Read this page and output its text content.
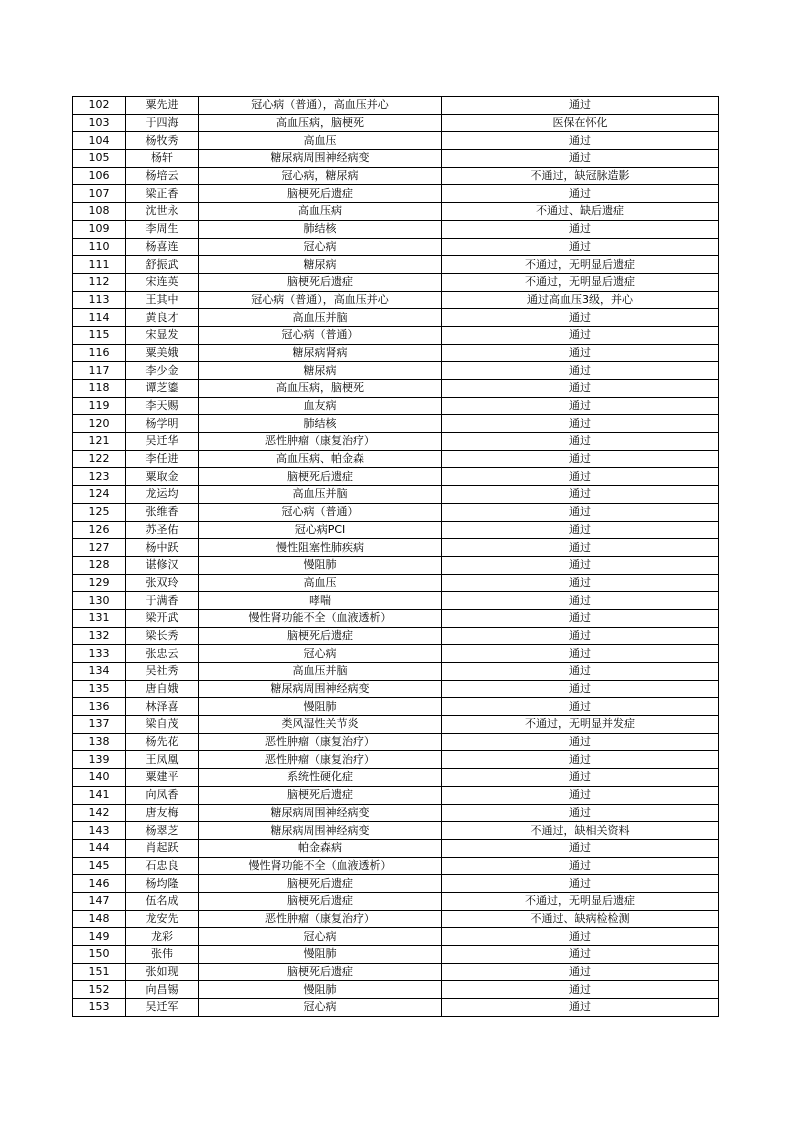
102	粟先进	冠心病（普通），高血压并心	通过
103	于四海	高血压病，脑梗死	医保在怀化
104	杨牧秀	高血压	通过
105	杨轩	糖尿病周围神经病变	通过
106	杨培云	冠心病，糖尿病	不通过，缺冠脉造影
107	梁正香	脑梗死后遗症	通过
108	沈世永	高血压病	不通过、缺后遗症
109	李周生	肺结核	通过
110	杨喜连	冠心病	通过
111	舒振武	糖尿病	不通过，无明显后遗症
112	宋连英	脑梗死后遗症	不通过，无明显后遗症
113	王其中	冠心病（普通），高血压并心	通过高血压3级，并心
114	黄良才	高血压并脑	通过
115	宋显发	冠心病（普通）	通过
116	粟美娥	糖尿病肾病	通过
117	李少金	糖尿病	通过
118	谭芝鎏	高血压病，脑梗死	通过
119	李天赐	血友病	通过
120	杨学明	肺结核	通过
121	吴迁华	恶性肿瘤（康复治疗）	通过
122	李任进	高血压病、帕金森	通过
123	粟取金	脑梗死后遗症	通过
124	龙运均	高血压并脑	通过
125	张维香	冠心病（普通）	通过
126	苏圣佑	冠心病PCI	通过
127	杨中跃	慢性阻塞性肺疾病	通过
128	谌修汉	慢阻肺	通过
129	张双玲	高血压	通过
130	于满香	哮喘	通过
131	梁开武	慢性肾功能不全（血液透析）	通过
132	梁长秀	脑梗死后遗症	通过
133	张忠云	冠心病	通过
134	吴社秀	高血压并脑	通过
135	唐自娥	糖尿病周围神经病变	通过
136	林泽喜	慢阻肺	通过
137	梁自茂	类风湿性关节炎	不通过，无明显并发症
138	杨先花	恶性肿瘤（康复治疗）	通过
139	王凤凰	恶性肿瘤（康复治疗）	通过
140	粟建平	系统性硬化症	通过
141	向凤香	脑梗死后遗症	通过
142	唐友梅	糖尿病周围神经病变	通过
143	杨翠芝	糖尿病周围神经病变	不通过，缺相关资料
144	肖起跃	帕金森病	通过
145	石忠良	慢性肾功能不全（血液透析）	通过
146	杨均隆	脑梗死后遗症	通过
147	伍名成	脑梗死后遗症	不通过，无明显后遗症
148	龙安先	恶性肿瘤（康复治疗）	不通过、缺病检检测
149	龙彩	冠心病	通过
150	张伟	慢阻肺	通过
151	张如现	脑梗死后遗症	通过
152	向昌锡	慢阻肺	通过
153	吴迁军	冠心病	通过
